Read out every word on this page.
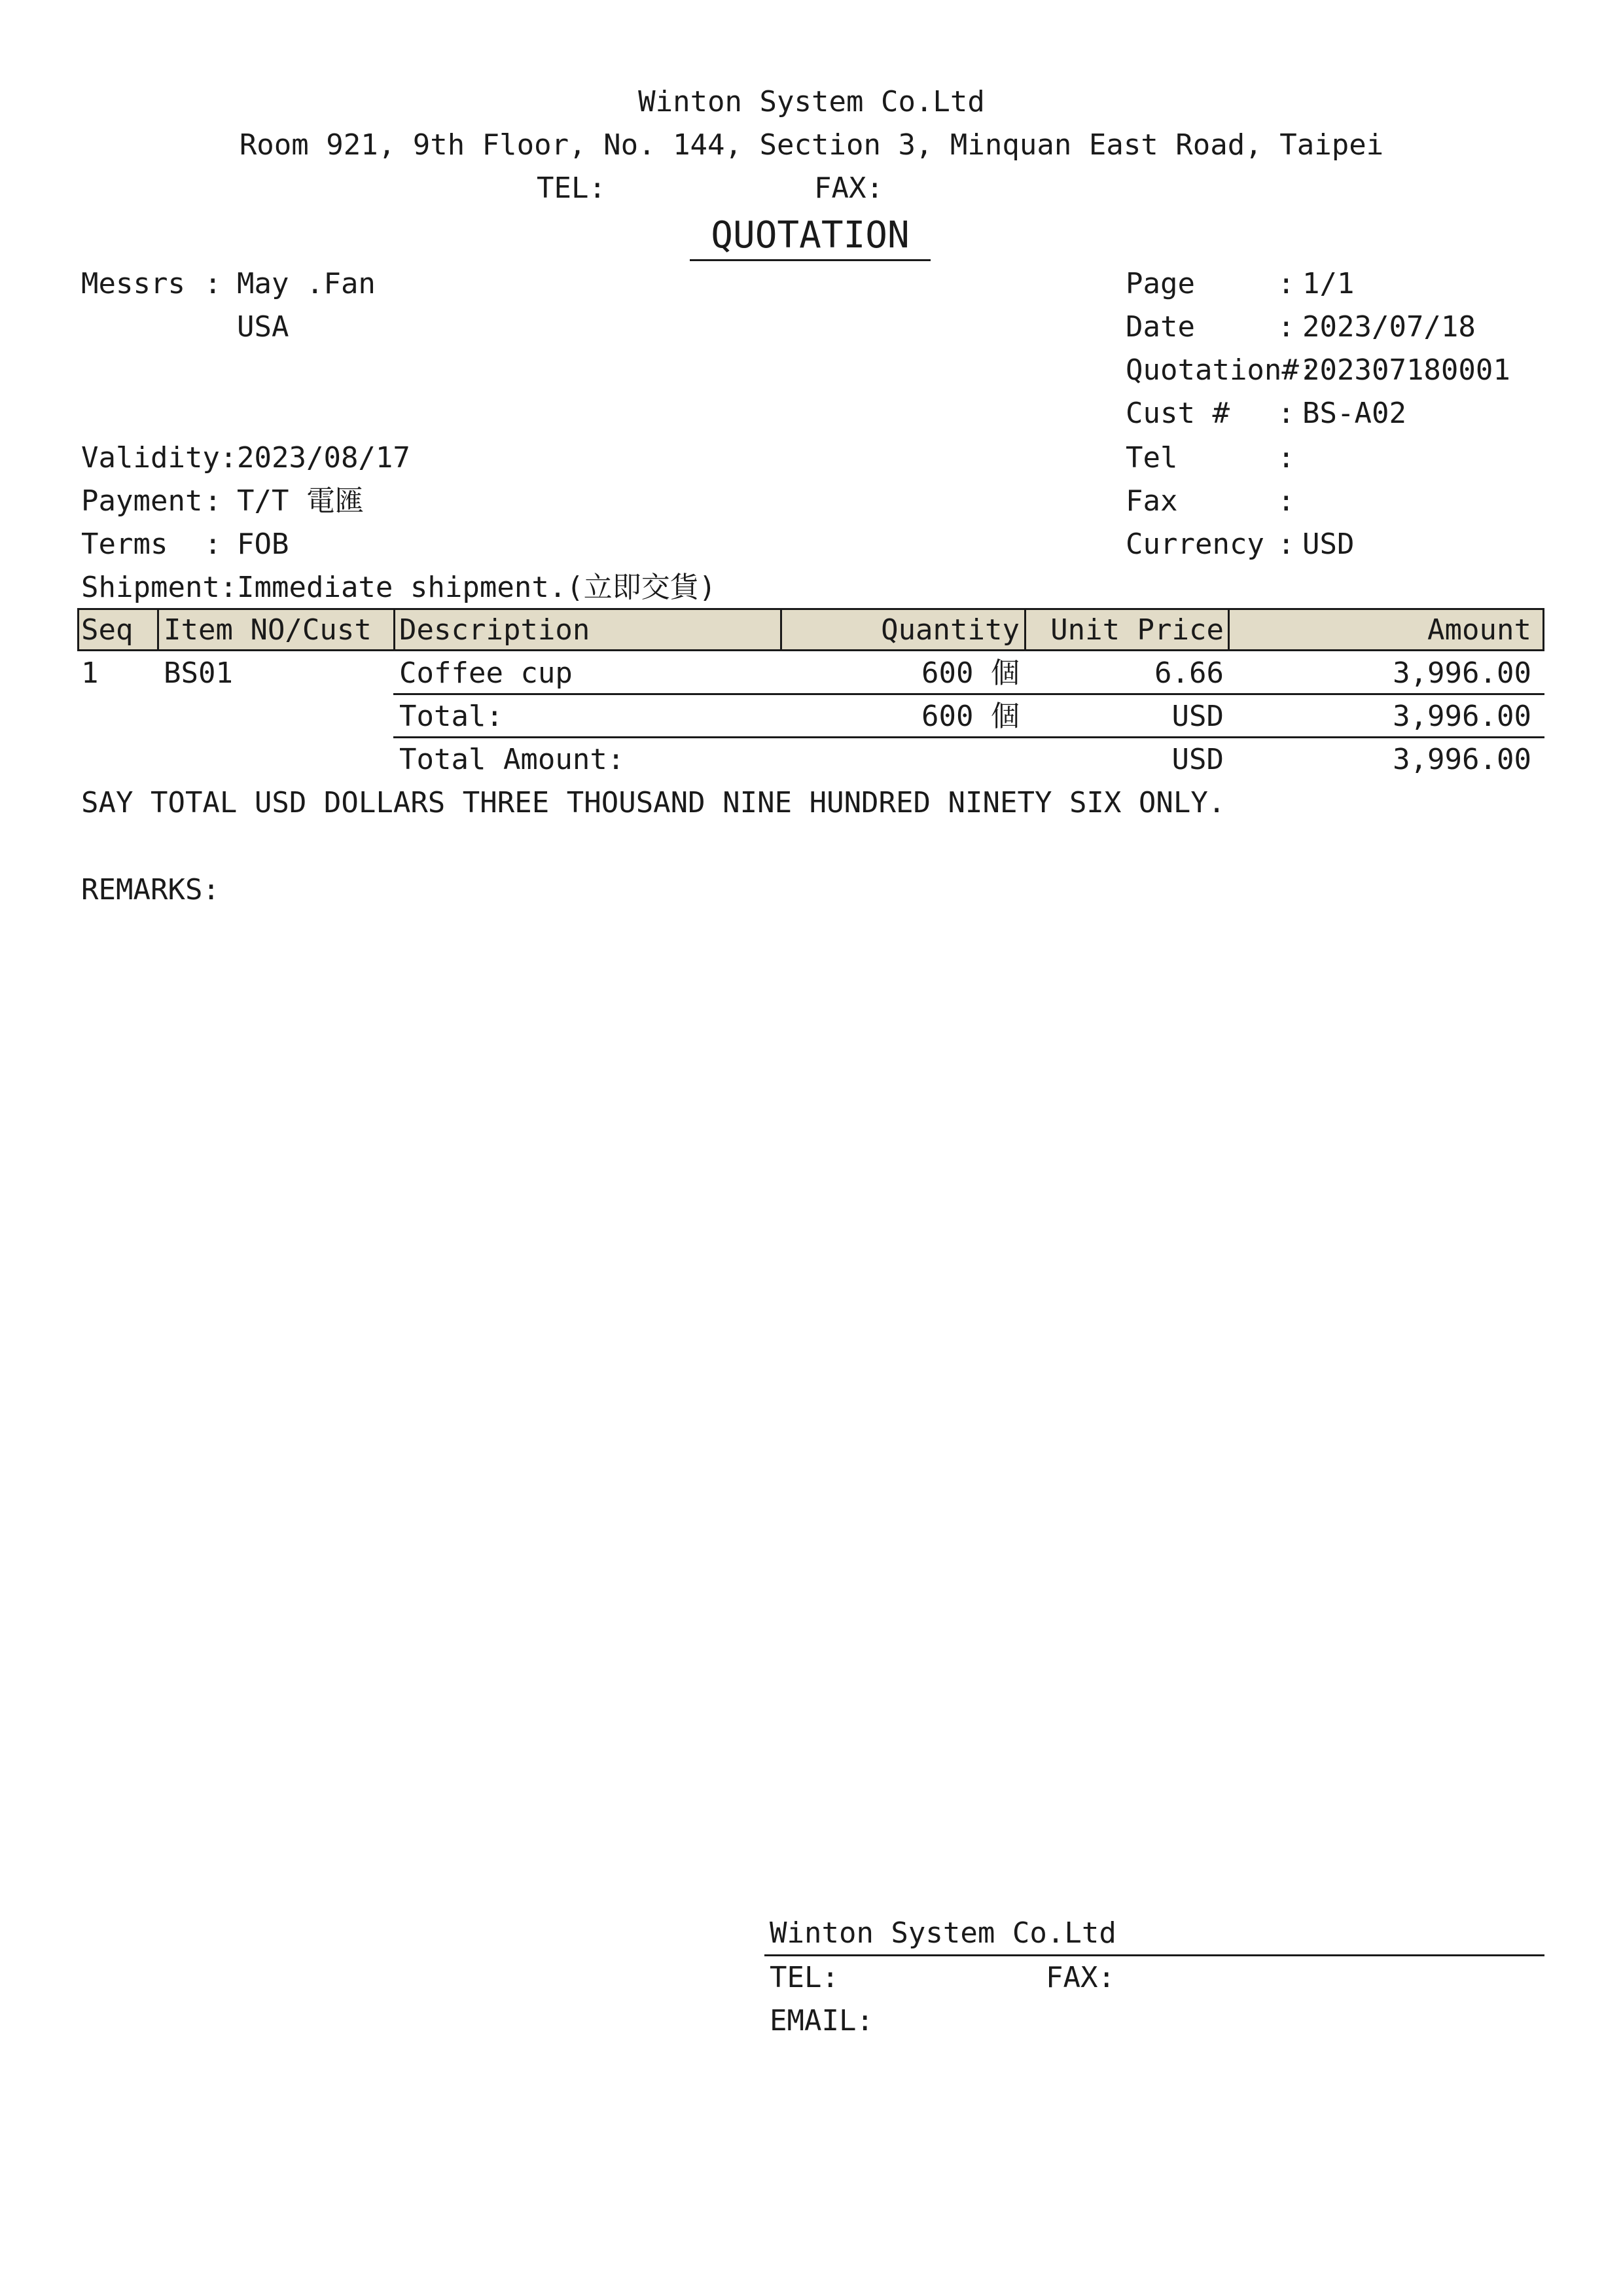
Winton System Co.Ltd
Room 921, 9th Floor, No. 144, Section 3, Minquan East Road, Taipei
TEL:	FAX:
QUOTATION
Messrs : May .Fan
USA
Validity: 2023/08/17
Payment : T/T 電匯
Terms : FOB
Shipment: Immediate shipment.(立即交貨)
Page	: 1/1
Date	: 2023/07/18
Quotation#:
202307180001
Cust # : BS-A02
Tel	:
Fax	:
Currency : USD
Seq Item NO/Cust Description	Quantity	Unit Price	Amount
1 BS01	Coffee cup	600 個	6.66	3,996.00
Total:	600 個	USD	3,996.00
Total Amount:	USD	3,996.00
SAY TOTAL USD DOLLARS THREE THOUSAND NINE HUNDRED NINETY SIX ONLY.
REMARKS:
Winton System Co.Ltd
TEL:	FAX:
EMAIL:
